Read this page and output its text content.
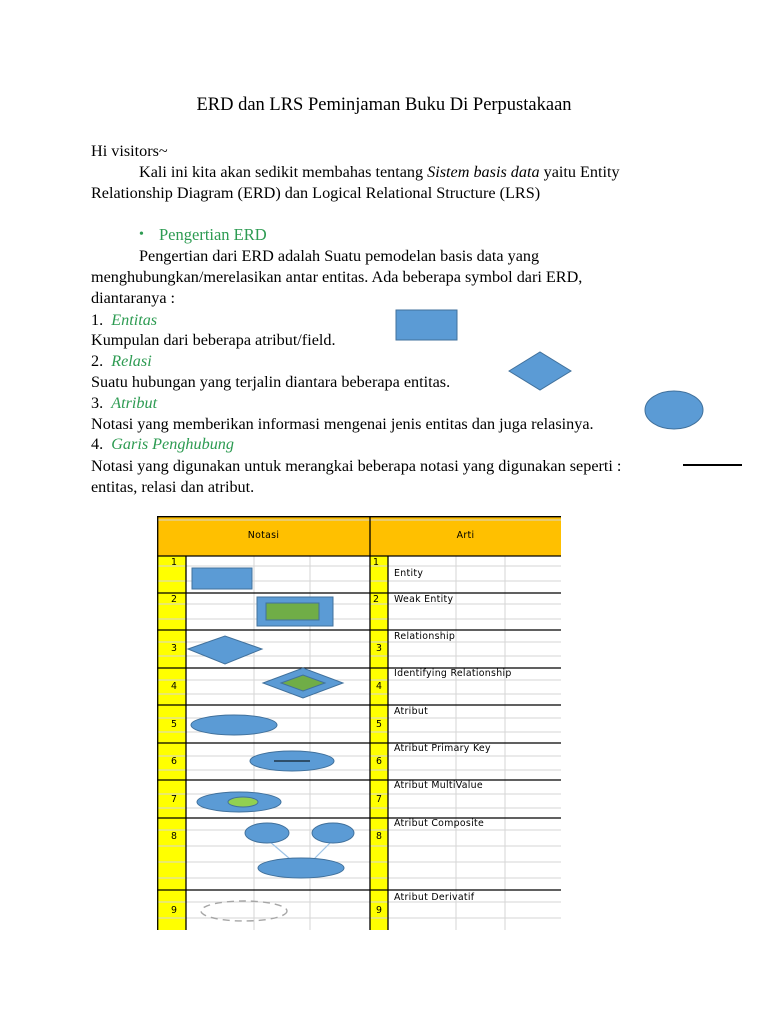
ERD dan LRS Peminjaman Buku Di Perpustakaan
Hi visitors~
Kali ini kita akan sedikit membahas tentang Sistem basis data yaitu Entity
Relationship Diagram (ERD) dan Logical Relational Structure (LRS)
• Pengertian ERD
Pengertian dari ERD adalah Suatu pemodelan basis data yang
menghubungkan/merelasikan antar entitas. Ada beberapa symbol dari ERD,
diantaranya :
1. Entitas
Kumpulan dari beberapa atribut/field.
2. Relasi
Suatu hubungan yang terjalin diantara beberapa entitas.
3. Atribut
Notasi yang memberikan informasi mengenai jenis entitas dan juga relasinya.
4. Garis Penghubung
Notasi yang digunakan untuk merangkai beberapa notasi yang digunakan seperti :
entitas, relasi dan atribut.
Notasi	Arti
1
2
3
4
5
6
7
8
9
1
2
3
4
5
6
7
8
9
Entity
Weak Entity
Relationship
Identifying Relationship
Atribut
Atribut Primary Key
Atribut MultiValue
Atribut Composite
Atribut Derivatif
